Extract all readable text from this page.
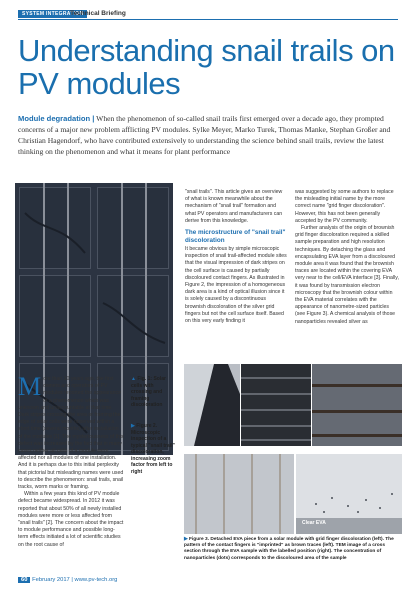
SYSTEM INTEGRATION
Technical Briefing
Understanding snail trails on PV modules
Module degradation | When the phenomenon of so-called snail trails first emerged over a decade ago, they prompted concerns of a major new problem afflicting PV modules. Sylke Meyer, Marko Turek, Thomas Manke, Stephan Großer and Christian Hagendorf, who have contributed extensively to understanding the science behind snail trails, review the latest thinking on the phenomenon and what it means for plant performance
M ore than 10 years ago, the first owners and operators of PV modules reported the appearance of a phenomenon which was unknown and unaccountable at that time. Dark stripes crossing the area or framing the edge of solar cells were observed within a short time (several months) after installation of the modules [1]. The mysteriousness of this defect was increased by the fact that in many cases neither all cells of a module were affected nor all modules of one installation. And it is perhaps due to this initial perplexity that pictorial but misleading names were used to describe the phenomenon: snail trails, snail tracks, worm marks or framing.

Within a few years this kind of PV module defect became widespread. In 2012 it was reported that about 50% of all newly installed modules were more or less affected from "snail trails" [2]. The concern about the impact to module performance and possible long-term effects initiated a lot of scientific studies on the root cause of

▲ Fig. 1: Solar cells with crossing and framing discoloration
▶ Figure 2. Microscopic inspection of a typical "snail trail" discoloration, increasing zoom factor from left to right

"snail trails". This article gives an overview of what is known meanwhile about the mechanism of "snail trail" formation and what PV operators and manufacturers can derive from this knowledge.

The microstructure of "snail trail" discoloration

It became obvious by simple microscopic inspection of snail trail-affected module sites that the visual impression of dark stripes on the cell surface is caused by partially discoloured contact fingers. As illustrated in Figure 2, the impression of a homogeneous dark area is a kind of optical illusion since it is solely caused by a discontinuous brownish discoloration of the silver grid fingers but not the cell surface itself. Based on this very early finding it

was suggested by some authors to replace the misleading initial name by the more correct name "grid finger discoloration". However, this has not been generally accepted by the PV community.

Further analysis of the origin of brownish grid finger discoloration required a skilled sample preparation and high resolution techniques. By detaching the glass and encapsulating EVA layer from a discoloured module area it was found that the brownish traces are located within the covering EVA very near to the cell/EVA interface [3]. Finally, it was found by transmission electron microscopy that the brownish colour within the EVA material correlates with the appearance of nanometre-sized particles (see Figure 3). A chemical analysis of those nanoparticles revealed silver as

Clear EVA
▶ Figure 3. Detached EVA piece from a solar module with grid finger discoloration (left). The pattern of the contact fingers is "imprinted" as brown traces (left). TEM image of a cross section through the EVA sample with the labelled position (right). The concentration of nanoparticles (dots) corresponds to the discoloured area of the sample
60 February 2017 | www.pv-tech.org
